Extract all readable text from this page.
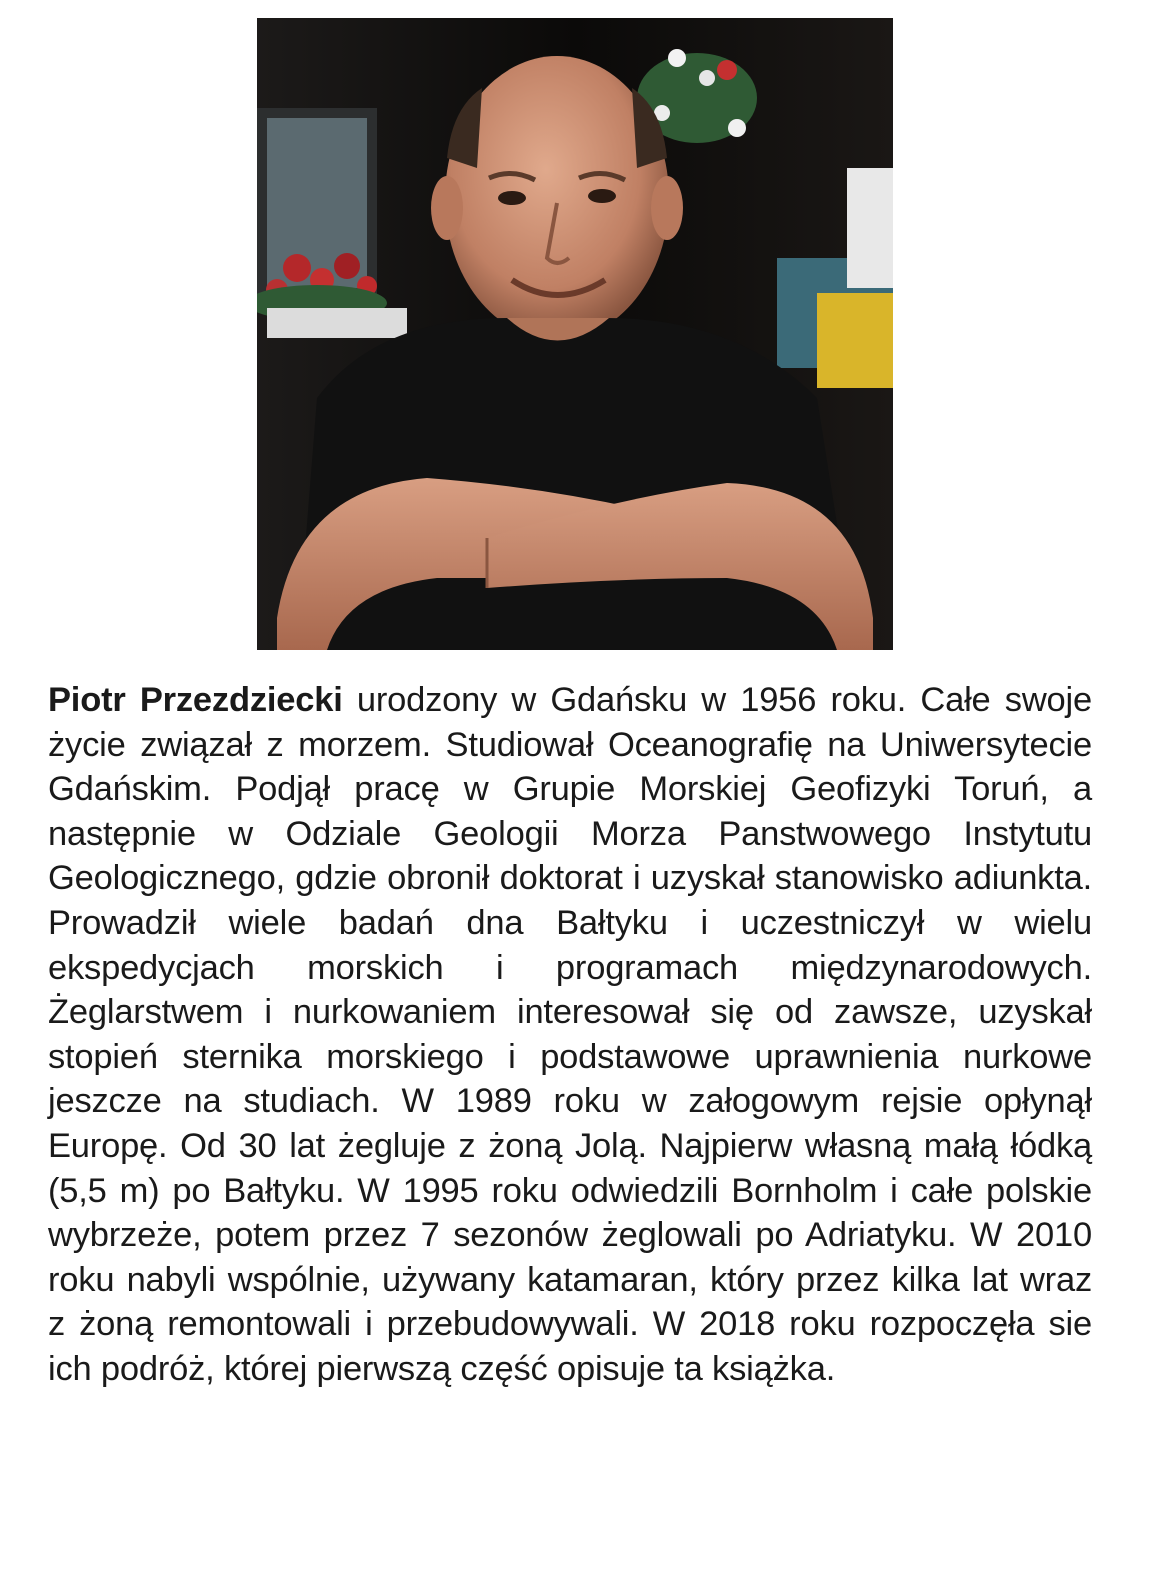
Piotr Przezdziecki urodzony w Gdańsku w 1956 roku. Całe swoje życie związał z morzem. Studiował Oceanografię na Uniwersytecie Gdańskim. Podjął pracę w Grupie Morskiej Geofizyki Toruń, a następnie w Odziale Geologii Morza Panstwowego Instytutu Geologicznego, gdzie obronił doktorat i uzyskał stanowisko adiunkta. Prowadził wiele badań dna Bałtyku i uczestniczył w wielu ekspedycjach morskich i programach międzynarodowych. Żeglarstwem i nurkowaniem interesował się od zawsze, uzyskał stopień sternika morskiego i podstawowe uprawnienia nurkowe jeszcze na studiach. W 1989 roku w załogowym rejsie opłynął Europę. Od 30 lat żegluje z żoną Jolą. Najpierw własną małą łódką (5,5 m) po Bałtyku. W 1995 roku odwiedzili Bornholm i całe polskie wybrzeże, potem przez 7 sezonów żeglowali po Adriatyku. W 2010 roku nabyli wspólnie, używany katamaran, który przez kilka lat wraz z żoną remontowali i przebudowywali. W 2018 roku rozpoczęła sie ich podróż, której pierwszą część opisuje ta książka.
